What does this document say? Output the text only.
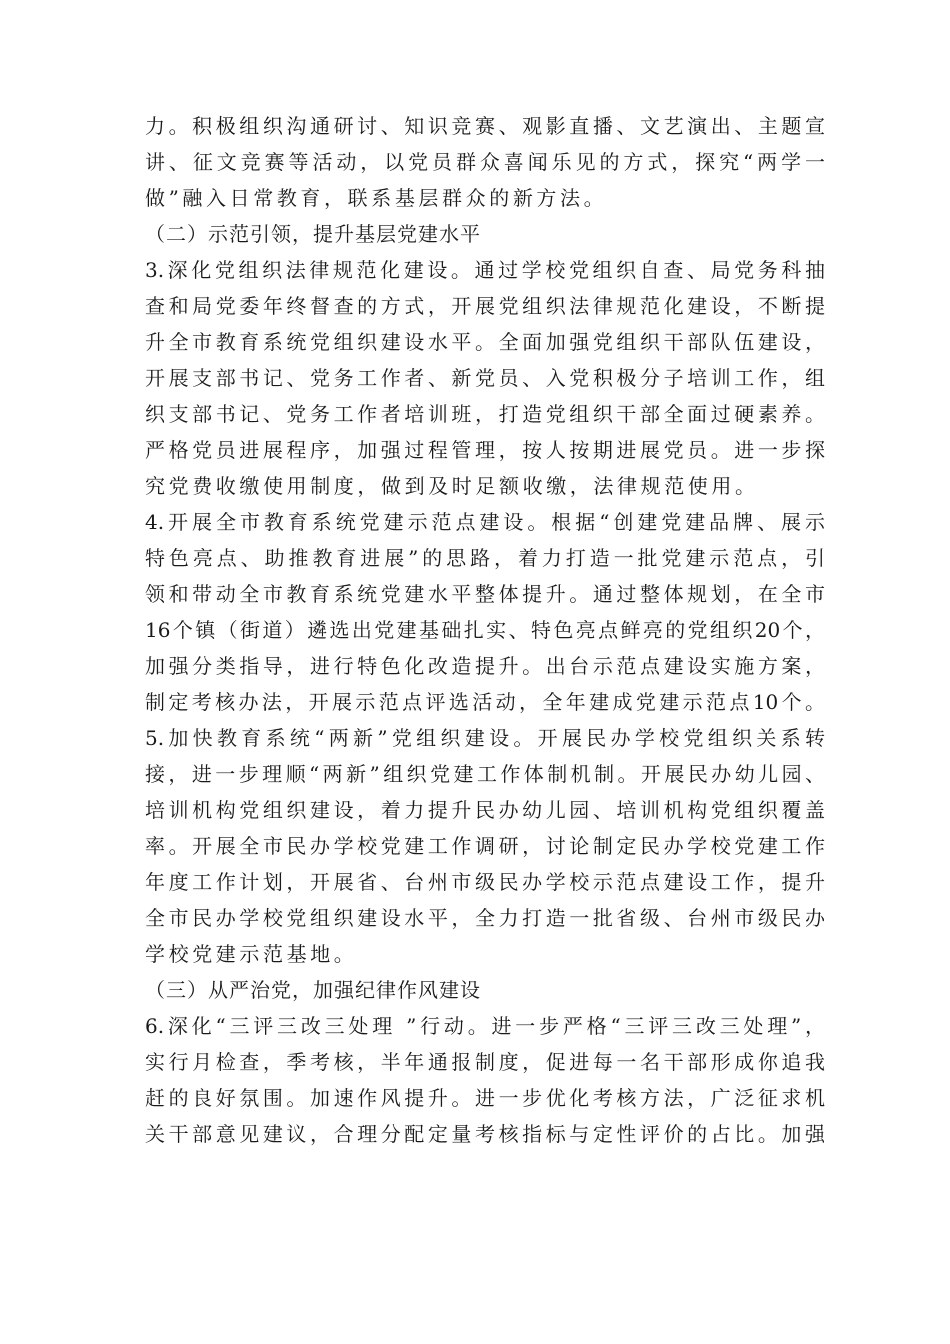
力。积极组织沟通研讨、知识竞赛、观影直播、文艺演出、主题宣
讲、征文竞赛等活动，以党员群众喜闻乐见的方式，探究“两学一
做”融入日常教育，联系基层群众的新方法。
（二）示范引领，提升基层党建水平
3.深化党组织法律规范化建设。通过学校党组织自查、局党务科抽
查和局党委年终督查的方式，开展党组织法律规范化建设，不断提
升全市教育系统党组织建设水平。全面加强党组织干部队伍建设，
开展支部书记、党务工作者、新党员、入党积极分子培训工作，组
织支部书记、党务工作者培训班，打造党组织干部全面过硬素养。
严格党员进展程序，加强过程管理，按人按期进展党员。进一步探
究党费收缴使用制度，做到及时足额收缴，法律规范使用。
4.开展全市教育系统党建示范点建设。根据“创建党建品牌、展示
特色亮点、助推教育进展”的思路，着力打造一批党建示范点，引
领和带动全市教育系统党建水平整体提升。通过整体规划，在全市
16个镇（街道）遴选出党建基础扎实、特色亮点鲜亮的党组织20个，
加强分类指导，进行特色化改造提升。出台示范点建设实施方案，
制定考核办法，开展示范点评选活动，全年建成党建示范点10个。
5.加快教育系统“两新”党组织建设。开展民办学校党组织关系转
接，进一步理顺“两新”组织党建工作体制机制。开展民办幼儿园、
培训机构党组织建设，着力提升民办幼儿园、培训机构党组织覆盖
率。开展全市民办学校党建工作调研，讨论制定民办学校党建工作
年度工作计划，开展省、台州市级民办学校示范点建设工作，提升
全市民办学校党组织建设水平，全力打造一批省级、台州市级民办
学校党建示范基地。
（三）从严治党，加强纪律作风建设
6.深化“三评三改三处理 ”行动。进一步严格“三评三改三处理”，
实行月检查，季考核，半年通报制度，促进每一名干部形成你追我
赶的良好氛围。加速作风提升。进一步优化考核方法，广泛征求机
关干部意见建议，合理分配定量考核指标与定性评价的占比。加强
